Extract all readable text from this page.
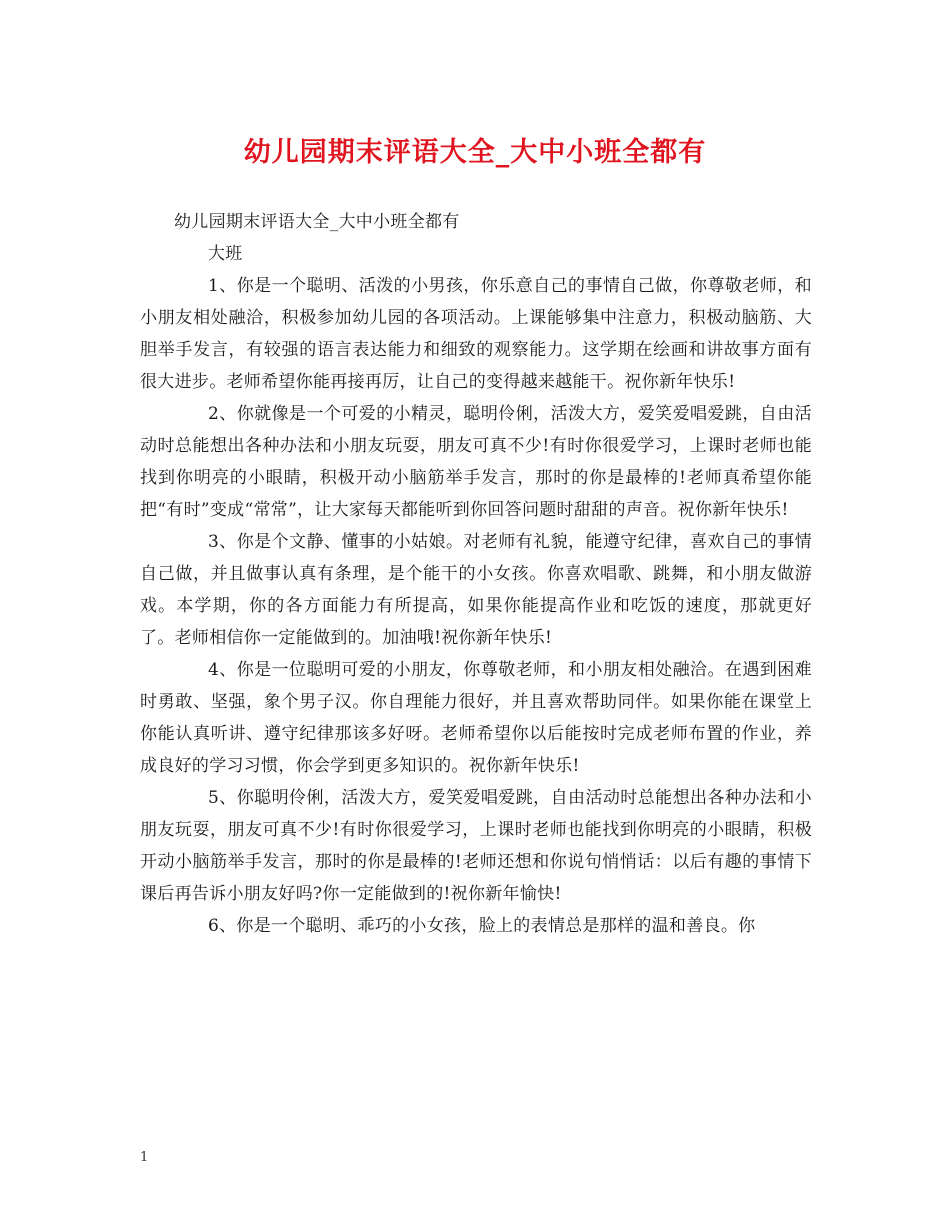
幼儿园期末评语大全_大中小班全都有

幼儿园期末评语大全_大中小班全都有

大班

1、你是一个聪明、活泼的小男孩，你乐意自己的事情自己做，你尊敬老师，和小朋友相处融洽，积极参加幼儿园的各项活动。上课能够集中注意力，积极动脑筋、大胆举手发言，有较强的语言表达能力和细致的观察能力。这学期在绘画和讲故事方面有很大进步。老师希望你能再接再厉，让自己的变得越来越能干。祝你新年快乐!

2、你就像是一个可爱的小精灵，聪明伶俐，活泼大方，爱笑爱唱爱跳，自由活动时总能想出各种办法和小朋友玩耍，朋友可真不少!有时你很爱学习，上课时老师也能找到你明亮的小眼睛，积极开动小脑筋举手发言，那时的你是最棒的!老师真希望你能把“有时”变成“常常”，让大家每天都能听到你回答问题时甜甜的声音。祝你新年快乐!

3、你是个文静、懂事的小姑娘。对老师有礼貌，能遵守纪律，喜欢自己的事情自己做，并且做事认真有条理，是个能干的小女孩。你喜欢唱歌、跳舞，和小朋友做游戏。本学期，你的各方面能力有所提高，如果你能提高作业和吃饭的速度，那就更好了。老师相信你一定能做到的。加油哦!祝你新年快乐!

4、你是一位聪明可爱的小朋友，你尊敬老师，和小朋友相处融洽。在遇到困难时勇敢、坚强，象个男子汉。你自理能力很好，并且喜欢帮助同伴。如果你能在课堂上你能认真听讲、遵守纪律那该多好呀。老师希望你以后能按时完成老师布置的作业，养成良好的学习习惯，你会学到更多知识的。祝你新年快乐!

5、你聪明伶俐，活泼大方，爱笑爱唱爱跳，自由活动时总能想出各种办法和小朋友玩耍，朋友可真不少!有时你很爱学习，上课时老师也能找到你明亮的小眼睛，积极开动小脑筋举手发言，那时的你是最棒的!老师还想和你说句悄悄话：以后有趣的事情下课后再告诉小朋友好吗?你一定能做到的!祝你新年愉快!

6、你是一个聪明、乖巧的小女孩，脸上的表情总是那样的温和善良。你

1
